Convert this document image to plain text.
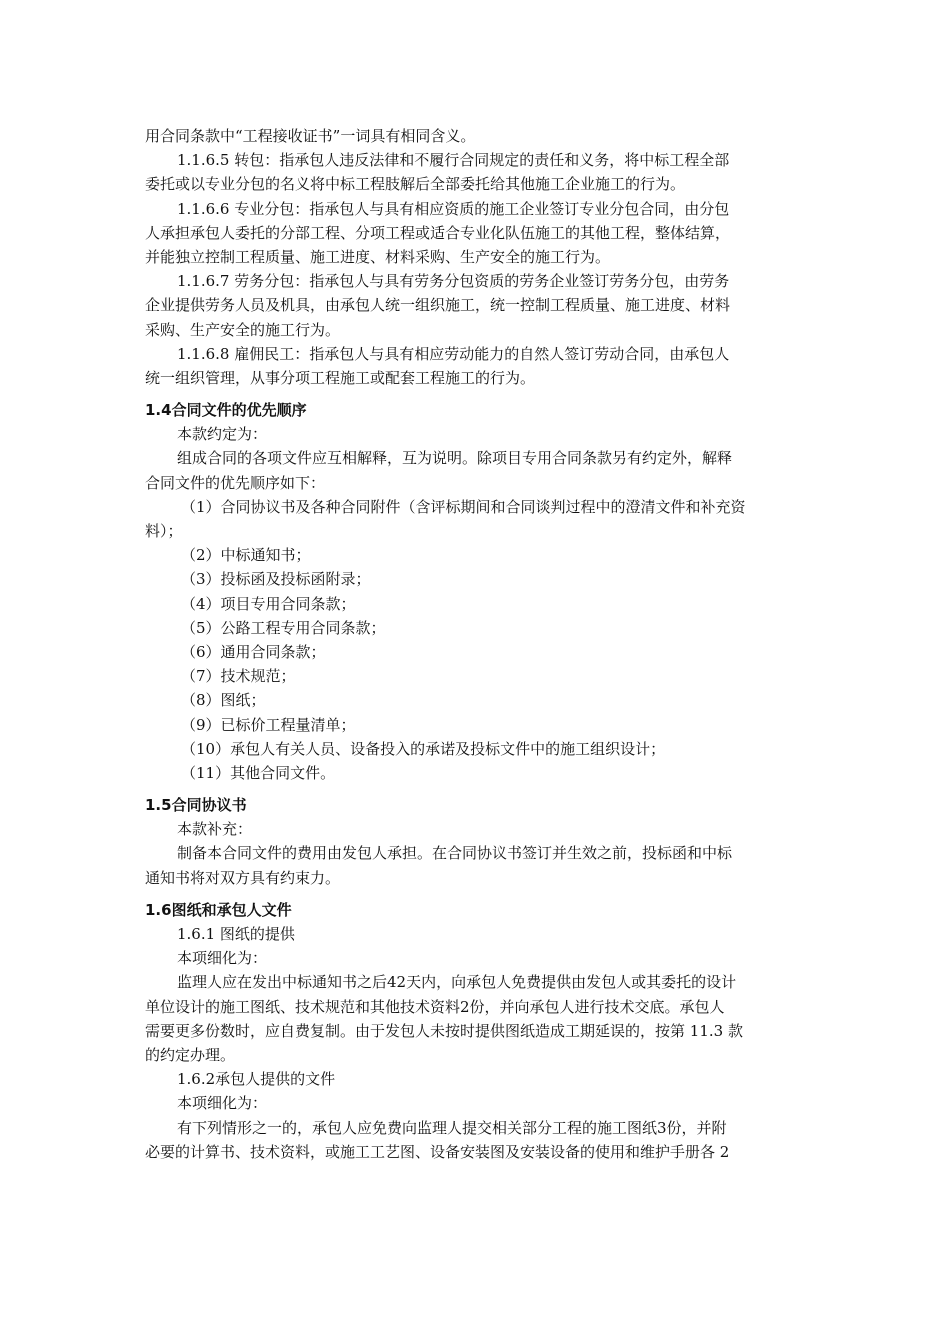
用合同条款中“工程接收证书”一词具有相同含义。
1.1.6.5 转包：指承包人违反法律和不履行合同规定的责任和义务，将中标工程全部
委托或以专业分包的名义将中标工程肢解后全部委托给其他施工企业施工的行为。
1.1.6.6 专业分包：指承包人与具有相应资质的施工企业签订专业分包合同，由分包
人承担承包人委托的分部工程、分项工程或适合专业化队伍施工的其他工程，整体结算，
并能独立控制工程质量、施工进度、材料采购、生产安全的施工行为。
1.1.6.7 劳务分包：指承包人与具有劳务分包资质的劳务企业签订劳务分包，由劳务
企业提供劳务人员及机具，由承包人统一组织施工，统一控制工程质量、施工进度、材料
采购、生产安全的施工行为。
1.1.6.8 雇佣民工：指承包人与具有相应劳动能力的自然人签订劳动合同，由承包人
统一组织管理，从事分项工程施工或配套工程施工的行为。
1.4合同文件的优先顺序
本款约定为：
组成合同的各项文件应互相解释，互为说明。除项目专用合同条款另有约定外，解释
合同文件的优先顺序如下：
（1）合同协议书及各种合同附件（含评标期间和合同谈判过程中的澄清文件和补充资
料）；
（2）中标通知书；
（3）投标函及投标函附录；
（4）项目专用合同条款；
（5）公路工程专用合同条款；
（6）通用合同条款；
（7）技术规范；
（8）图纸；
（9）已标价工程量清单；
（10）承包人有关人员、设备投入的承诺及投标文件中的施工组织设计；
（11）其他合同文件。
1.5合同协议书
本款补充：
制备本合同文件的费用由发包人承担。在合同协议书签订并生效之前，投标函和中标
通知书将对双方具有约束力。
1.6图纸和承包人文件
1.6.1 图纸的提供
本项细化为：
监理人应在发出中标通知书之后42天内，向承包人免费提供由发包人或其委托的设计
单位设计的施工图纸、技术规范和其他技术资料2份，并向承包人进行技术交底。承包人
需要更多份数时，应自费复制。由于发包人未按时提供图纸造成工期延误的，按第 11.3 款
的约定办理。
1.6.2承包人提供的文件
本项细化为：
有下列情形之一的，承包人应免费向监理人提交相关部分工程的施工图纸3份，并附
必要的计算书、技术资料，或施工工艺图、设备安装图及安装设备的使用和维护手册各 2
